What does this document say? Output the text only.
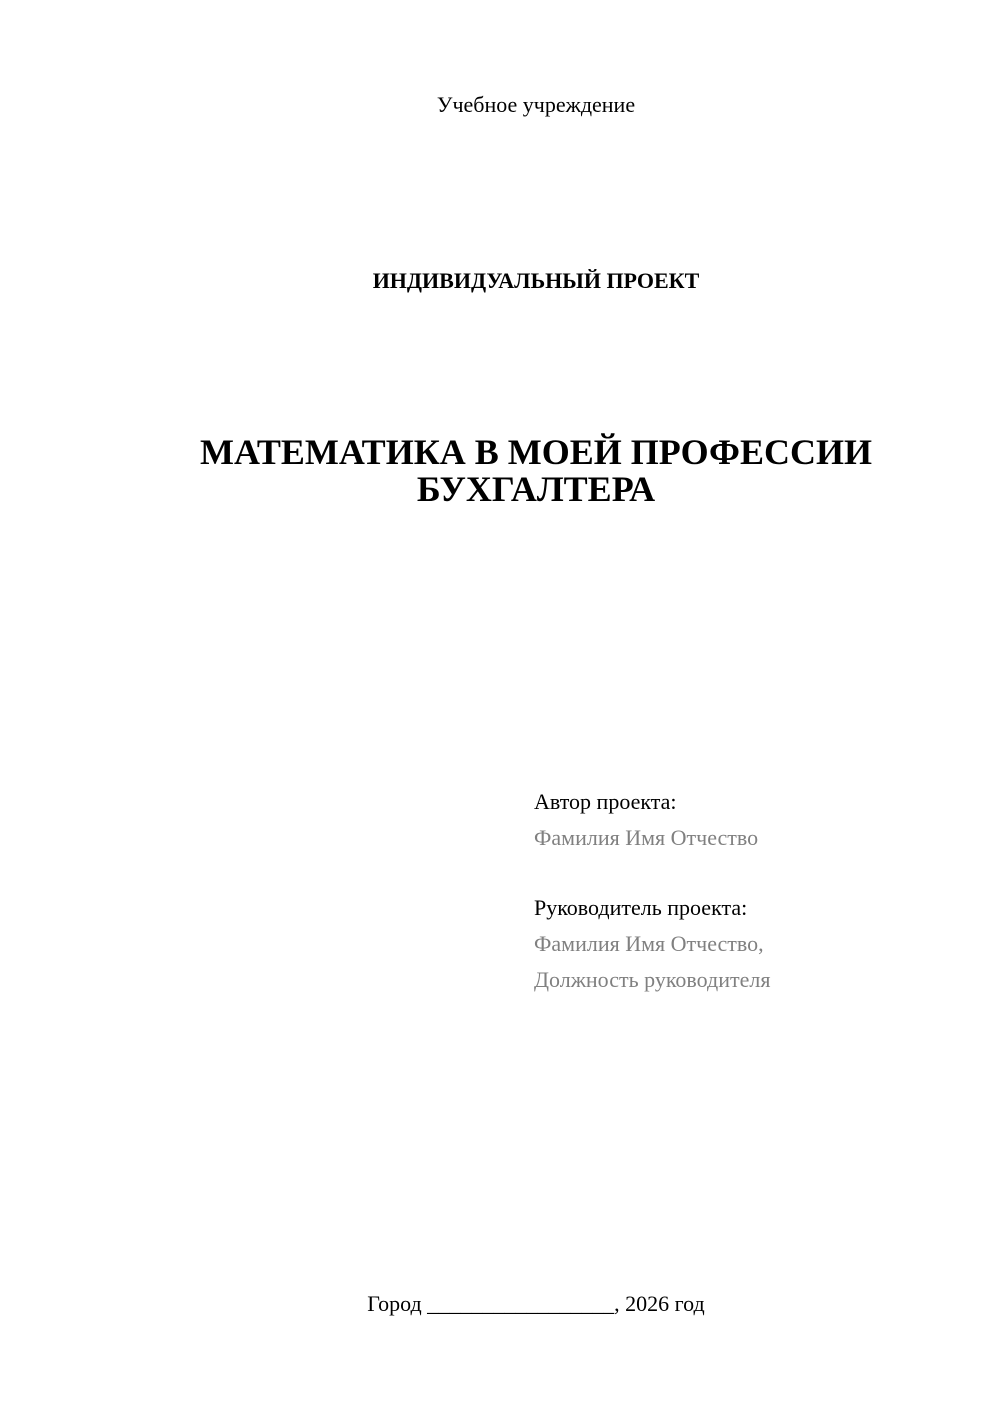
Учебное учреждение
ИНДИВИДУАЛЬНЫЙ ПРОЕКТ
МАТЕМАТИКА В МОЕЙ ПРОФЕССИИ
БУХГАЛТЕРА
Автор проекта:
Фамилия Имя Отчество
Руководитель проекта:
Фамилия Имя Отчество,
Должность руководителя
Город _________________, 2026 год
